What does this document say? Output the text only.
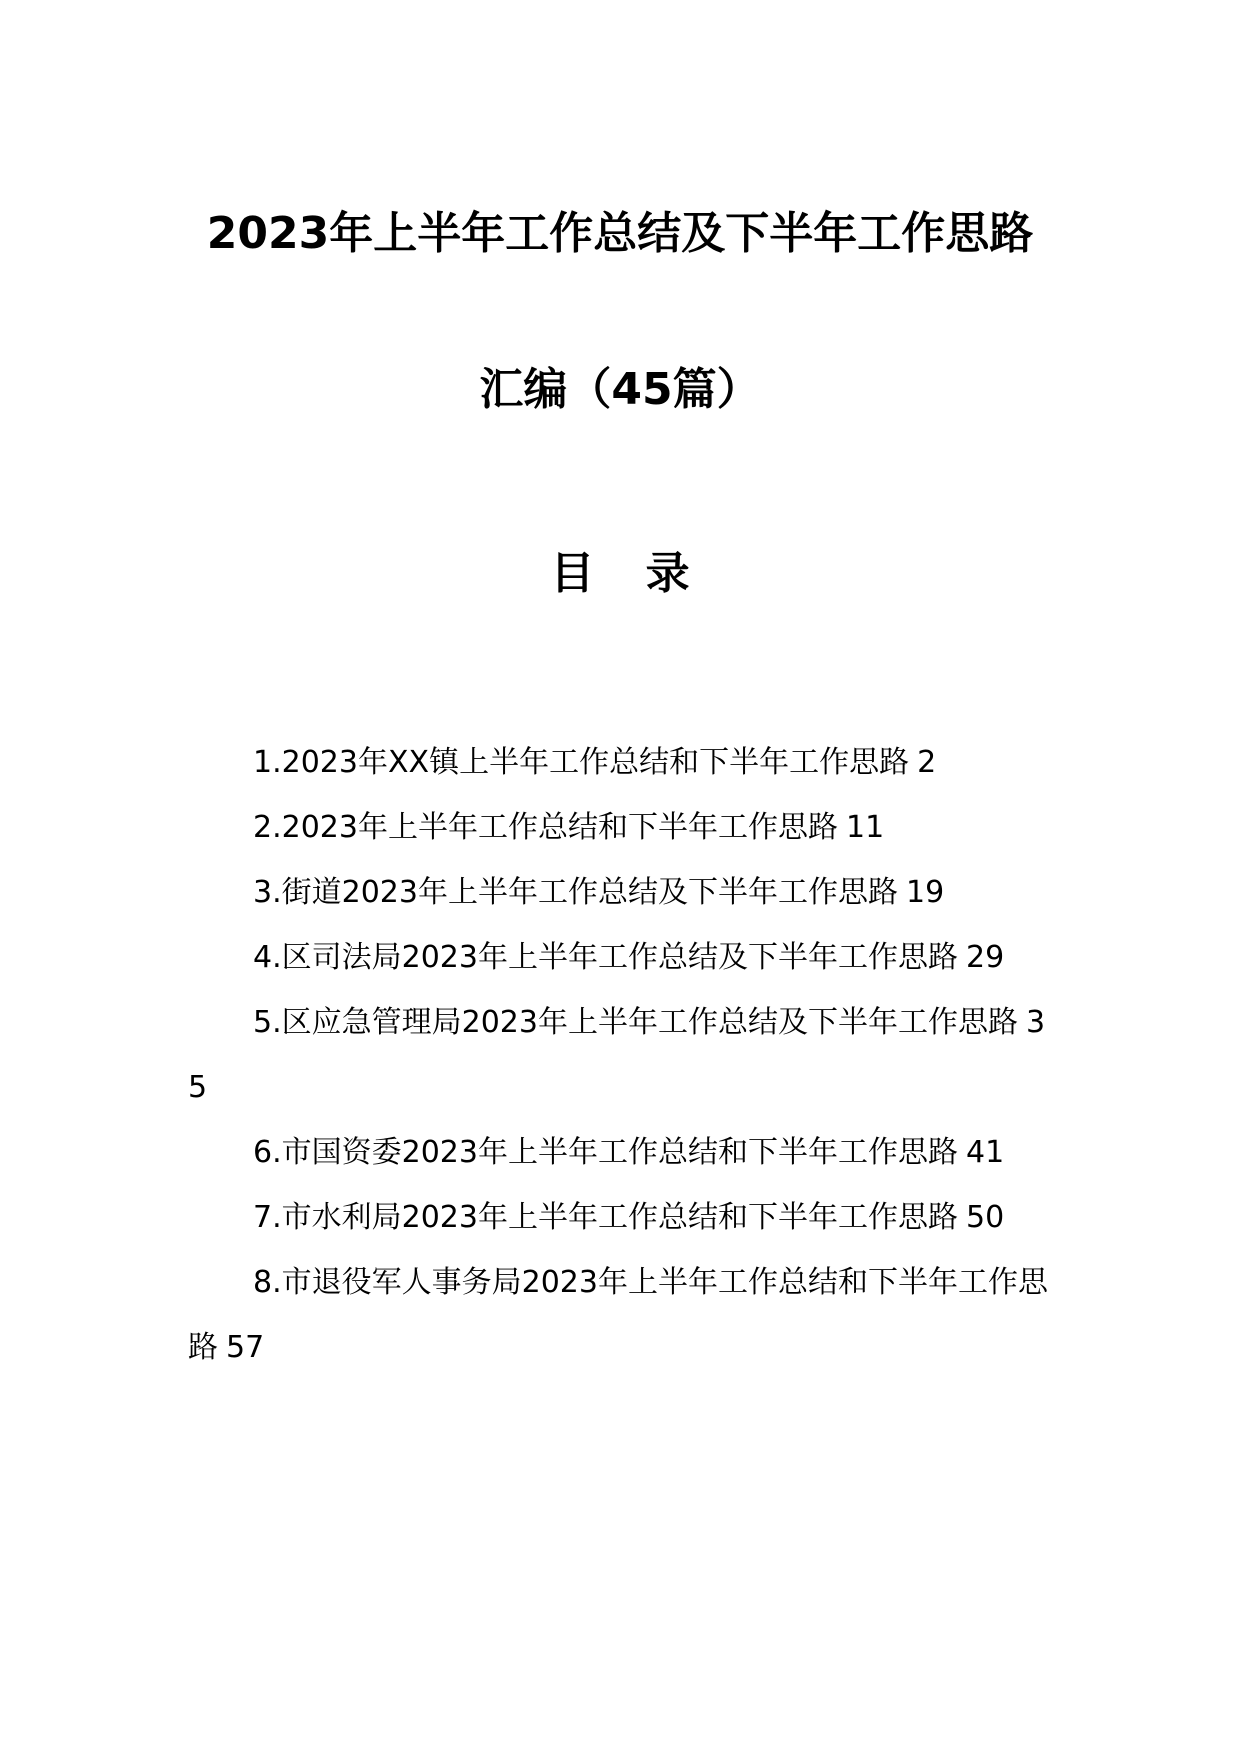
2023年上半年工作总结及下半年工作思路
汇编（45篇）
目 录
1.2023年XX镇上半年工作总结和下半年工作思路 2
2.2023年上半年工作总结和下半年工作思路 11
3.街道2023年上半年工作总结及下半年工作思路 19
4.区司法局2023年上半年工作总结及下半年工作思路 29
5.区应急管理局2023年上半年工作总结及下半年工作思路 35
6.市国资委2023年上半年工作总结和下半年工作思路 41
7.市水利局2023年上半年工作总结和下半年工作思路 50
8.市退役军人事务局2023年上半年工作总结和下半年工作思路 57
